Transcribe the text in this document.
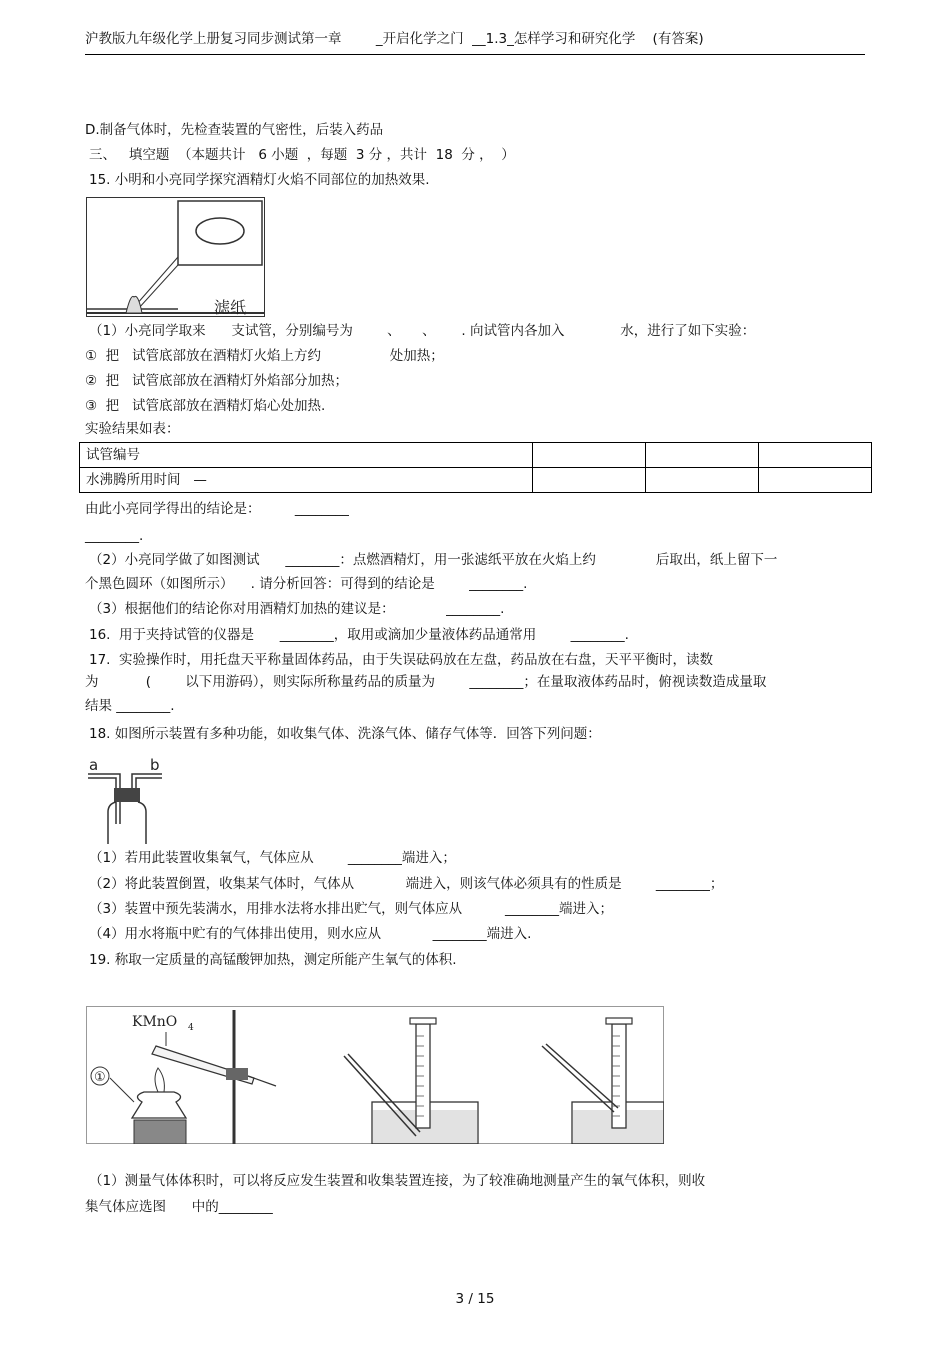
沪教版九年级化学上册复习同步测试第一章        _开启化学之门  __1.3_怎样学习和研究化学    (有答案)
D.制备气体时，先检查装置的气密性，后装入药品
三、   填空题  （本题共计   6 小题  ，每题  3 分 ，共计  18  分 ，  ）
15. 小明和小亮同学探究酒精灯火焰不同部位的加热效果.
滤纸
（1）小亮同学取来      支试管，分别编号为        、     、      . 向试管内各加入             水，进行了如下实验：
①  把   试管底部放在酒精灯火焰上方约                处加热；
②  把   试管底部放在酒精灯外焰部分加热；
③  把   试管底部放在酒精灯焰心处加热.
实验结果如表：
试管编号			
水沸腾所用时间   —			
由此小亮同学得出的结论是：        ________
________.
（2）小亮同学做了如图测试      ________：点燃酒精灯，用一张滤纸平放在火焰上约              后取出，纸上留下一
个黑色圆环（如图所示）    . 请分析回答：可得到的结论是        ________.
（3）根据他们的结论你对用酒精灯加热的建议是：            ________.
16.  用于夹持试管的仪器是      ________，取用或滴加少量液体药品通常用        ________.
17.  实验操作时，用托盘天平称量固体药品，由于失误砝码放在左盘，药品放在右盘，天平平衡时，读数
为           (        以下用游码），则实际所称量药品的质量为        ________；在量取液体药品时，俯视读数造成量取
结果 ________.
18. 如图所示装置有多种功能，如收集气体、洗涤气体、储存气体等．回答下列问题：
a	b
（1）若用此装置收集氧气，气体应从        ________端进入；
（2）将此装置倒置，收集某气体时，气体从            端进入，则该气体必须具有的性质是        ________；
（3）装置中预先装满水，用排水法将水排出贮气，则气体应从          ________端进入；
（4）用水将瓶中贮有的气体排出使用，则水应从            ________端进入.
19. 称取一定质量的高锰酸钾加热，测定所能产生氧气的体积.
KMnO 4
①
（1）测量气体体积时，可以将反应发生装置和收集装置连接，为了较准确地测量产生的氧气体积，则收
集气体应选图      中的________
3 / 15
